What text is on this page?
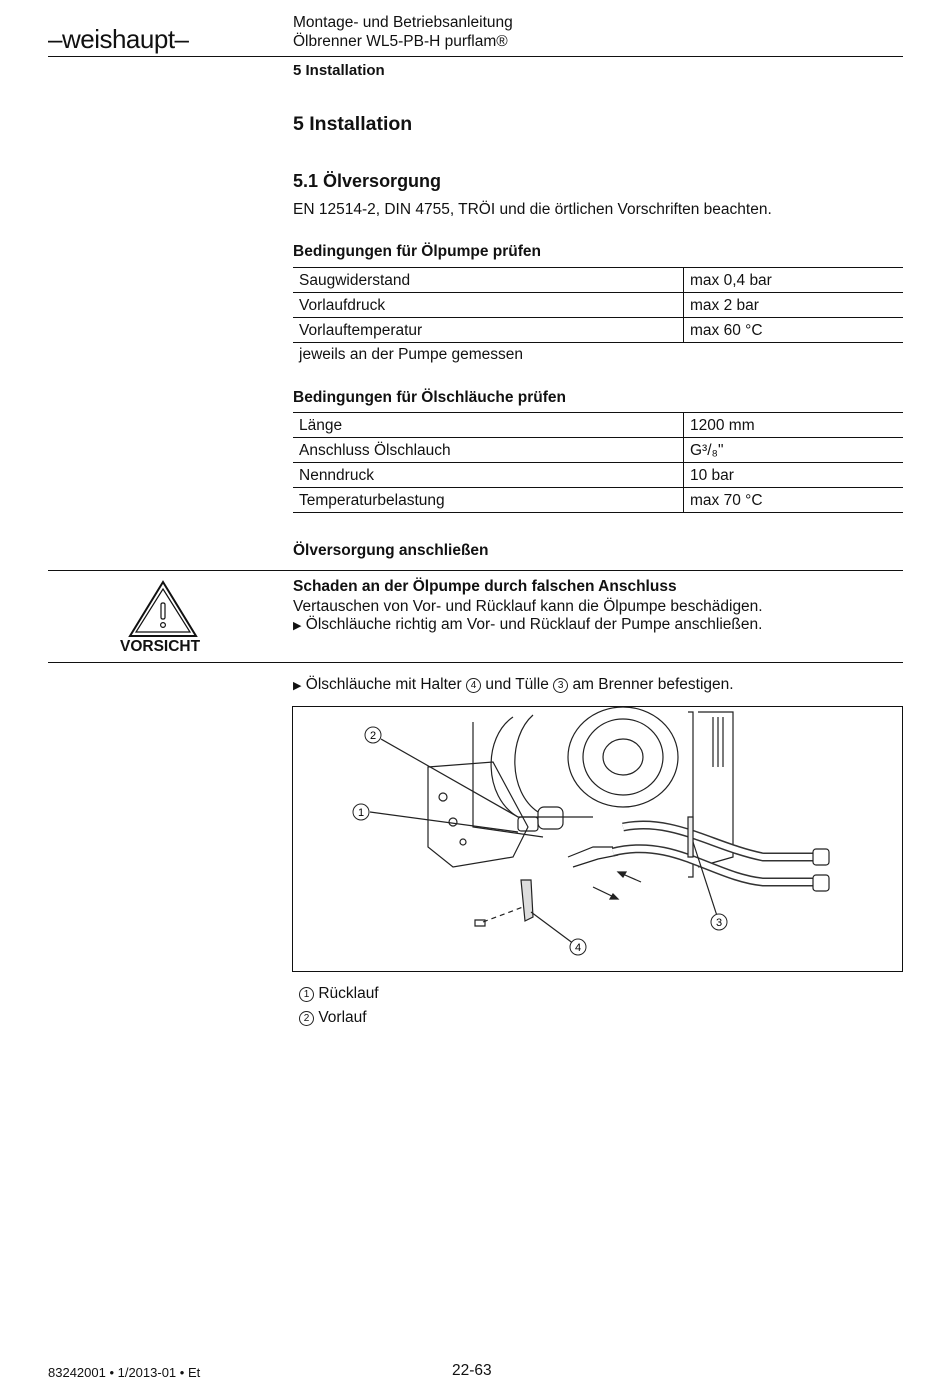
–weishaupt–
Montage- und Betriebsanleitung
Ölbrenner WL5-PB-H purflam®
5 Installation
5 Installation
5.1 Ölversorgung
EN 12514-2, DIN 4755, TRÖI und die örtlichen Vorschriften beachten.
Bedingungen für Ölpumpe prüfen
Saugwiderstand	max 0,4 bar
Vorlaufdruck	max 2 bar
Vorlauftemperatur	max 60 °C
jeweils an der Pumpe gemessen
Bedingungen für Ölschläuche prüfen
Länge	1200 mm
Anschluss Ölschlauch	G³/₈"
Nenndruck	10 bar
Temperaturbelastung	max 70 °C
Ölversorgung anschließen
VORSICHT
Schaden an der Ölpumpe durch falschen Anschluss
Vertauschen von Vor- und Rücklauf kann die Ölpumpe beschädigen.
▶ Ölschläuche richtig am Vor- und Rücklauf der Pumpe anschließen.
▶ Ölschläuche mit Halter 4 und Tülle 3 am Brenner befestigen.
2
1
3
4
1 Rücklauf
2 Vorlauf
83242001 • 1/2013-01 • Et	22-63
